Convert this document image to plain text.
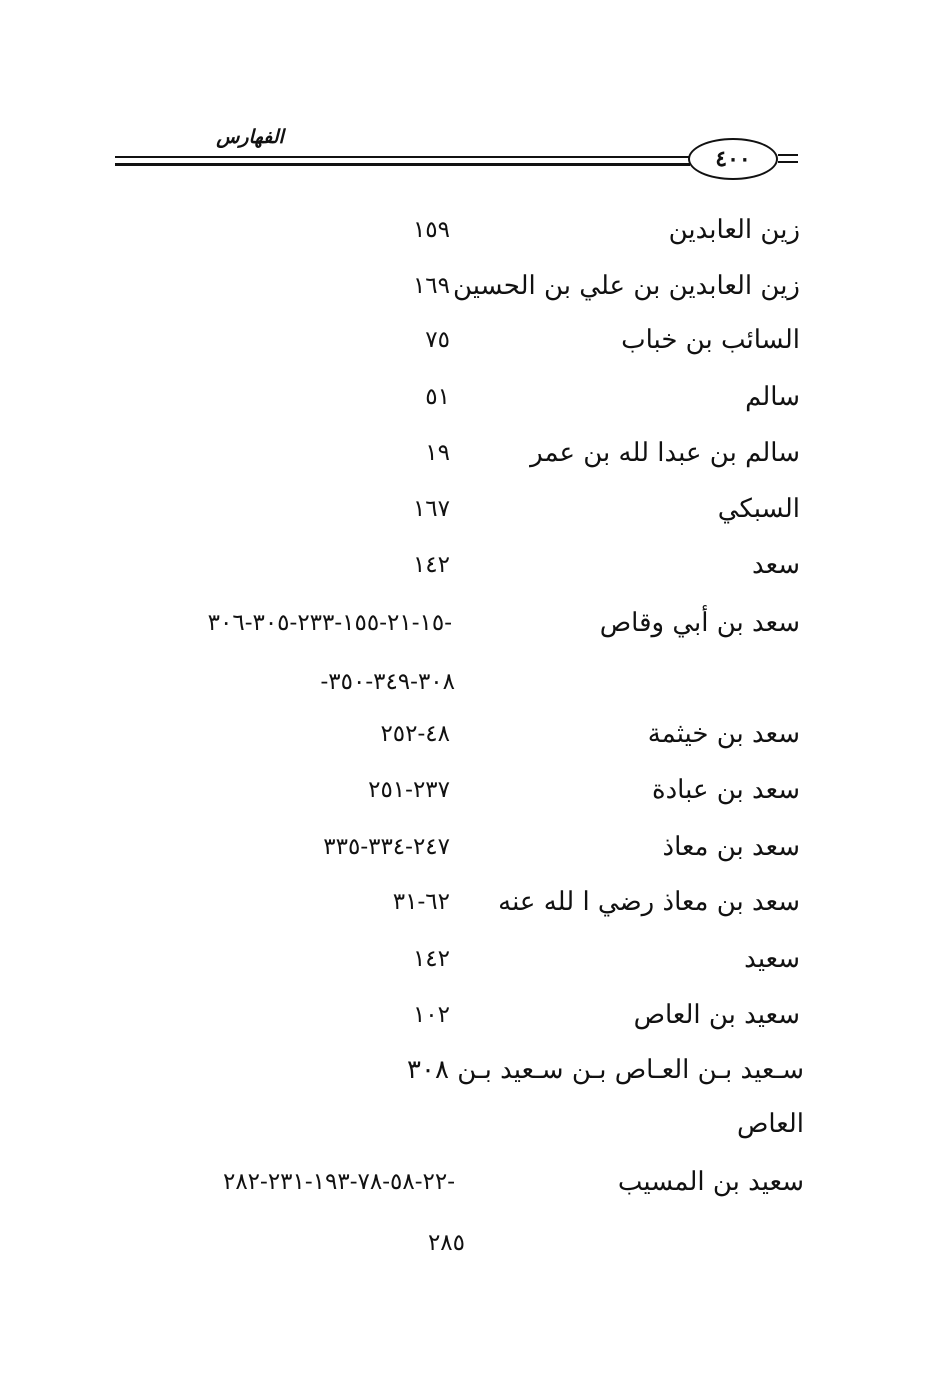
الفهارس
٤٠٠
زين العابدين
١٥٩
زين العابدين بن علي بن الحسين
١٦٩
السائب بن خباب
٧٥
سالم
٥١
سالم بن عبدا لله بن عمر
١٩
السبكي
١٦٧
سعد
١٤٢
سعد بن أبي وقاص
-١٥-٢١-١٥٥-٢٣٣-٣٠٥-٣٠٦
٣٠٨-٣٤٩-٣٥٠-
سعد بن خيثمة
٤٨-٢٥٢
سعد بن عبادة
٢٣٧-٢٥١
سعد بن معاذ
٢٤٧-٣٣٤-٣٣٥
سعد بن معاذ رضي ا لله عنه
٦٢-٣١
سعيد
١٤٢
سعيد بن العاص
١٠٢
سـعيد بـن العـاص بـن سـعيد بـن ٣٠٨
العاص
سعيد بن المسيب
-٢٢-٥٨-٧٨-١٩٣-٢٣١-٢٨٢
٢٨٥
